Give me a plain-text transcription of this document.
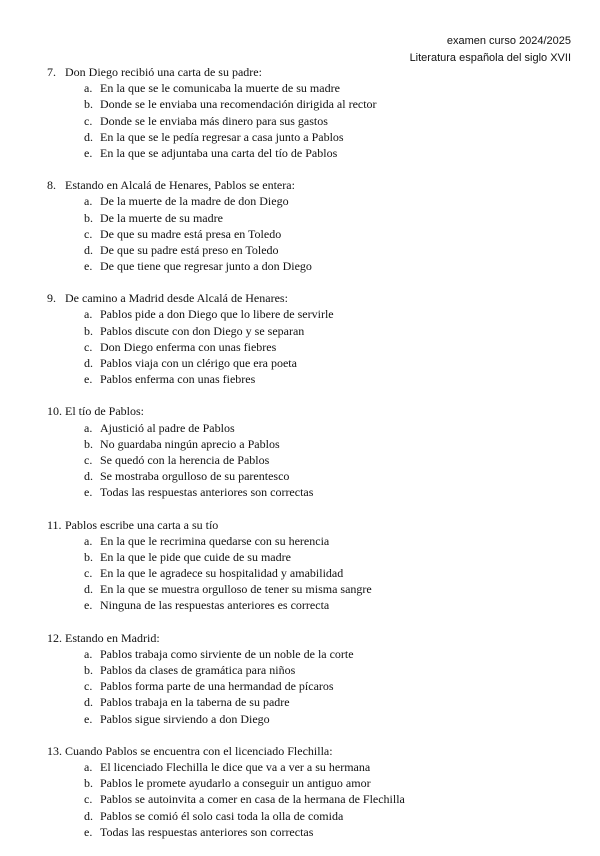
examen curso 2024/2025
Literatura española del siglo XVII
7. Don Diego recibió una carta de su padre:
a. En la que se le comunicaba la muerte de su madre
b. Donde se le enviaba una recomendación dirigida al rector
c. Donde se le enviaba más dinero para sus gastos
d. En la que se le pedía regresar a casa junto a Pablos
e. En la que se adjuntaba una carta del tío de Pablos
8. Estando en Alcalá de Henares, Pablos se entera:
a. De la muerte de la madre de don Diego
b. De la muerte de su madre
c. De que su madre está presa en Toledo
d. De que su padre está preso en Toledo
e. De que tiene que regresar junto a don Diego
9. De camino a Madrid desde Alcalá de Henares:
a. Pablos pide a don Diego que lo libere de servirle
b. Pablos discute con don Diego y se separan
c. Don Diego enferma con unas fiebres
d. Pablos viaja con un clérigo que era poeta
e. Pablos enferma con unas fiebres
10. El tío de Pablos:
a. Ajustició al padre de Pablos
b. No guardaba ningún aprecio a Pablos
c. Se quedó con la herencia de Pablos
d. Se mostraba orgulloso de su parentesco
e. Todas las respuestas anteriores son correctas
11. Pablos escribe una carta a su tío
a. En la que le recrimina quedarse con su herencia
b. En la que le pide que cuide de su madre
c. En la que le agradece su hospitalidad y amabilidad
d. En la que se muestra orgulloso de tener su misma sangre
e. Ninguna de las respuestas anteriores es correcta
12. Estando en Madrid:
a. Pablos trabaja como sirviente de un noble de la corte
b. Pablos da clases de gramática para niños
c. Pablos forma parte de una hermandad de pícaros
d. Pablos trabaja en la taberna de su padre
e. Pablos sigue sirviendo a don Diego
13. Cuando Pablos se encuentra con el licenciado Flechilla:
a. El licenciado Flechilla le dice que va a ver a su hermana
b. Pablos le promete ayudarlo a conseguir un antiguo amor
c. Pablos se autoinvita a comer en casa de la hermana de Flechilla
d. Pablos se comió él solo casi toda la olla de comida
e. Todas las respuestas anteriores son correctas
